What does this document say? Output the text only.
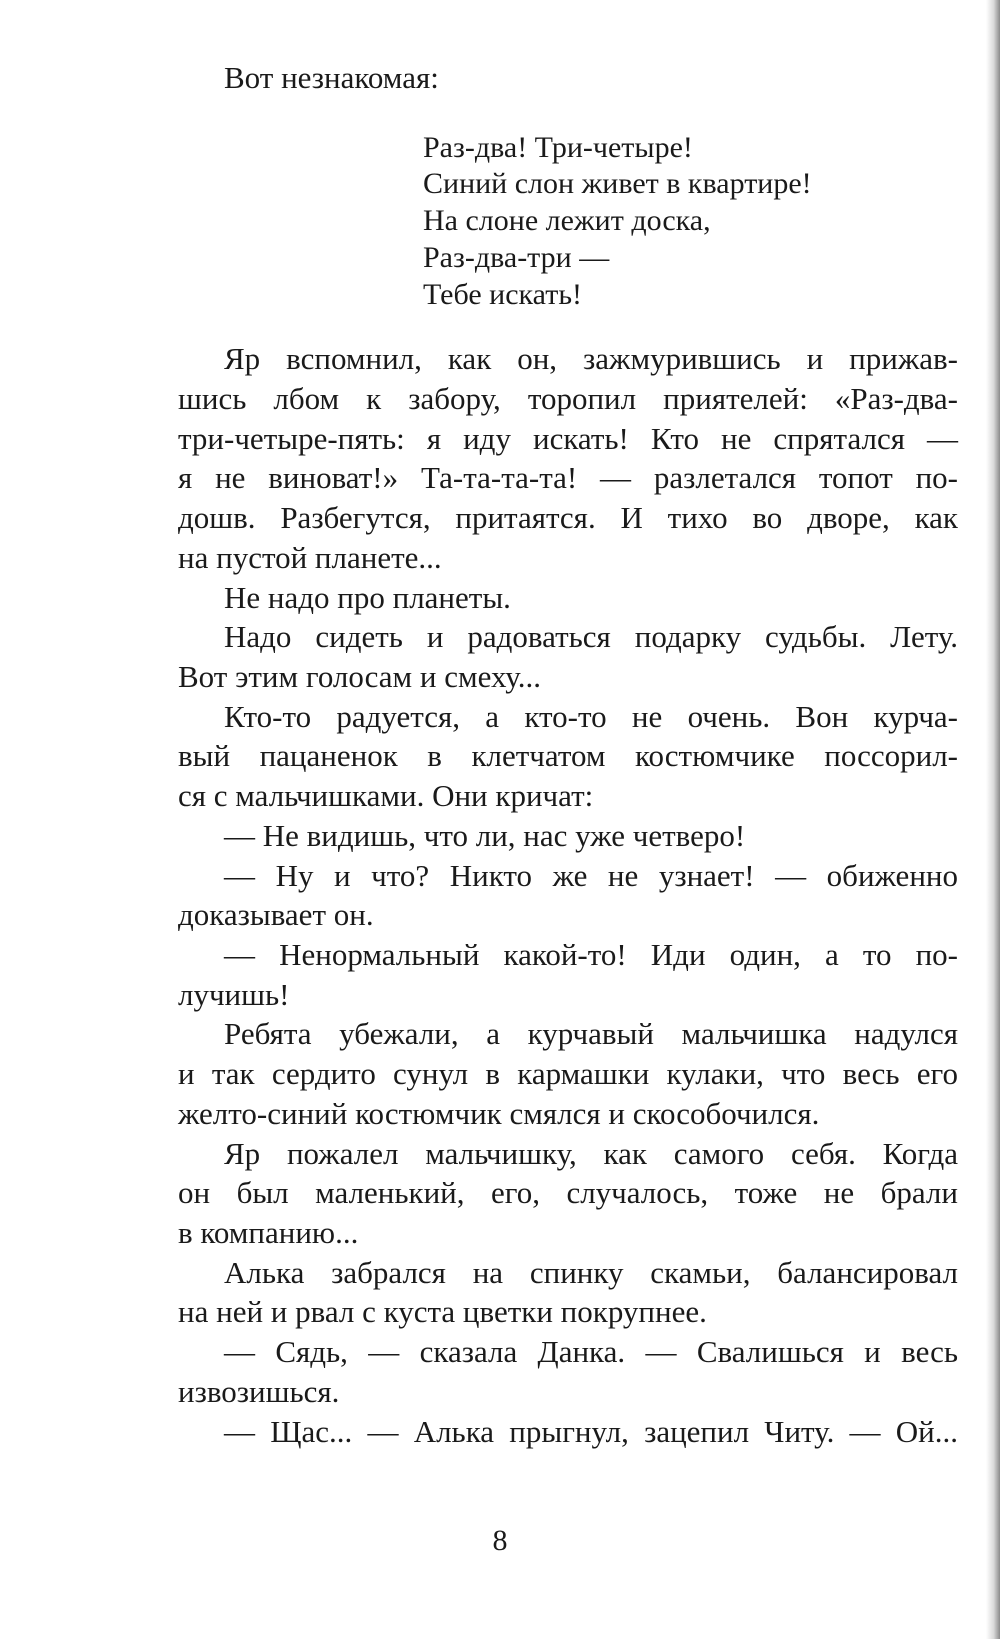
Вот незнакомая:
Раз-два! Три-четыре!
Синий слон живет в квартире!
На слоне лежит доска,
Раз-два-три —
Тебе искать!
Яр вспомнил, как он, зажмурившись и прижав-
шись лбом к забору, торопил приятелей: «Раз-два-
три-четыре-пять: я иду искать! Кто не спрятался —
я не виноват!» Та-та-та-та! — разлетался топот по-
дошв. Разбегутся, притаятся. И тихо во дворе, как
на пустой планете...
Не надо про планеты.
Надо сидеть и радоваться подарку судьбы. Лету.
Вот этим голосам и смеху...
Кто-то радуется, а кто-то не очень. Вон курча-
вый пацаненок в клетчатом костюмчике поссорил-
ся с мальчишками. Они кричат:
— Не видишь, что ли, нас уже четверо!
— Ну и что? Никто же не узнает! — обиженно
доказывает он.
— Ненормальный какой-то! Иди один, а то по-
лучишь!
Ребята убежали, а курчавый мальчишка надулся
и так сердито сунул в кармашки кулаки, что весь его
желто-синий костюмчик смялся и скособочился.
Яр пожалел мальчишку, как самого себя. Когда
он был маленький, его, случалось, тоже не брали
в компанию...
Алька забрался на спинку скамьи, балансировал
на ней и рвал с куста цветки покрупнее.
— Сядь, — сказала Данка. — Свалишься и весь
извозишься.
— Щас... — Алька прыгнул, зацепил Читу. — Ой...
8
